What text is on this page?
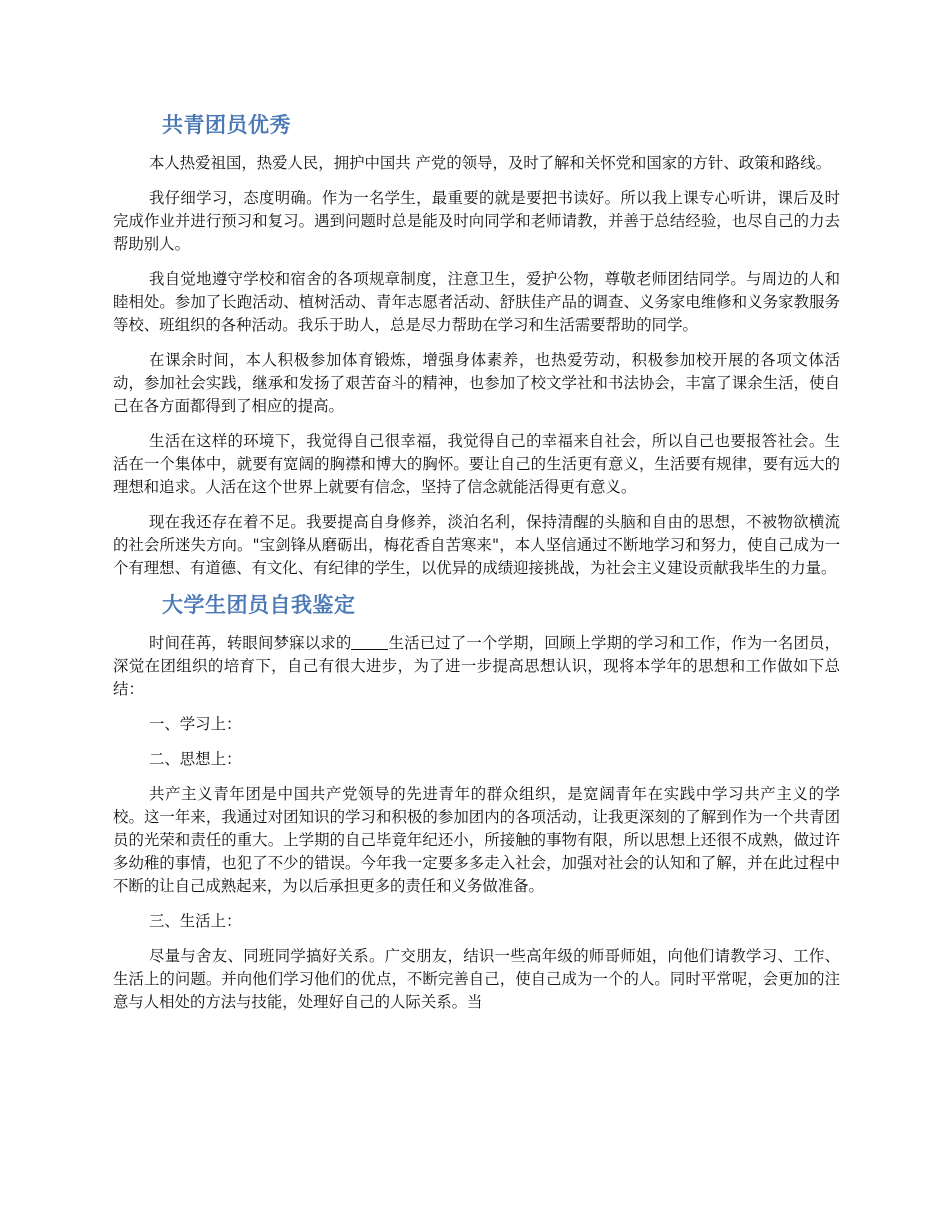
共青团员优秀

本人热爱祖国，热爱人民，拥护中国共 产党的领导，及时了解和关怀党和国家的方针、政策和路线。

我仔细学习，态度明确。作为一名学生，最重要的就是要把书读好。所以我上课专心听讲，课后及时完成作业并进行预习和复习。遇到问题时总是能及时向同学和老师请教，并善于总结经验，也尽自己的力去帮助别人。

我自觉地遵守学校和宿舍的各项规章制度，注意卫生，爱护公物，尊敬老师团结同学。与周边的人和睦相处。参加了长跑活动、植树活动、青年志愿者活动、舒肤佳产品的调查、义务家电维修和义务家教服务等校、班组织的各种活动。我乐于助人，总是尽力帮助在学习和生活需要帮助的同学。

在课余时间，本人积极参加体育锻炼，增强身体素养，也热爱劳动，积极参加校开展的各项文体活动，参加社会实践，继承和发扬了艰苦奋斗的精神，也参加了校文学社和书法协会，丰富了课余生活，使自己在各方面都得到了相应的提高。

生活在这样的环境下，我觉得自己很幸福，我觉得自己的幸福来自社会，所以自己也要报答社会。生活在一个集体中，就要有宽阔的胸襟和博大的胸怀。要让自己的生活更有意义，生活要有规律，要有远大的理想和追求。人活在这个世界上就要有信念，坚持了信念就能活得更有意义。

现在我还存在着不足。我要提高自身修养，淡泊名利，保持清醒的头脑和自由的思想，不被物欲横流的社会所迷失方向。"宝剑锋从磨砺出，梅花香自苦寒来"，本人坚信通过不断地学习和努力，使自己成为一个有理想、有道德、有文化、有纪律的学生，以优异的成绩迎接挑战，为社会主义建设贡献我毕生的力量。

大学生团员自我鉴定

时间荏苒，转眼间梦寐以求的 生活已过了一个学期，回顾上学期的学习和工作，作为一名团员，深觉在团组织的培育下，自己有很大进步，为了进一步提高思想认识，现将本学年的思想和工作做如下总结：

一、学习上：

二、思想上：

共产主义青年团是中国共产党领导的先进青年的群众组织，是宽阔青年在实践中学习共产主义的学校。这一年来，我通过对团知识的学习和积极的参加团内的各项活动，让我更深刻的了解到作为一个共青团员的光荣和责任的重大。上学期的自己毕竟年纪还小，所接触的事物有限，所以思想上还很不成熟，做过许多幼稚的事情，也犯了不少的错误。今年我一定要多多走入社会，加强对社会的认知和了解，并在此过程中不断的让自己成熟起来，为以后承担更多的责任和义务做准备。

三、生活上：

尽量与舍友、同班同学搞好关系。广交朋友，结识一些高年级的师哥师姐，向他们请教学习、工作、生活上的问题。并向他们学习他们的优点，不断完善自己，使自己成为一个的人。同时平常呢，会更加的注意与人相处的方法与技能，处理好自己的人际关系。当
